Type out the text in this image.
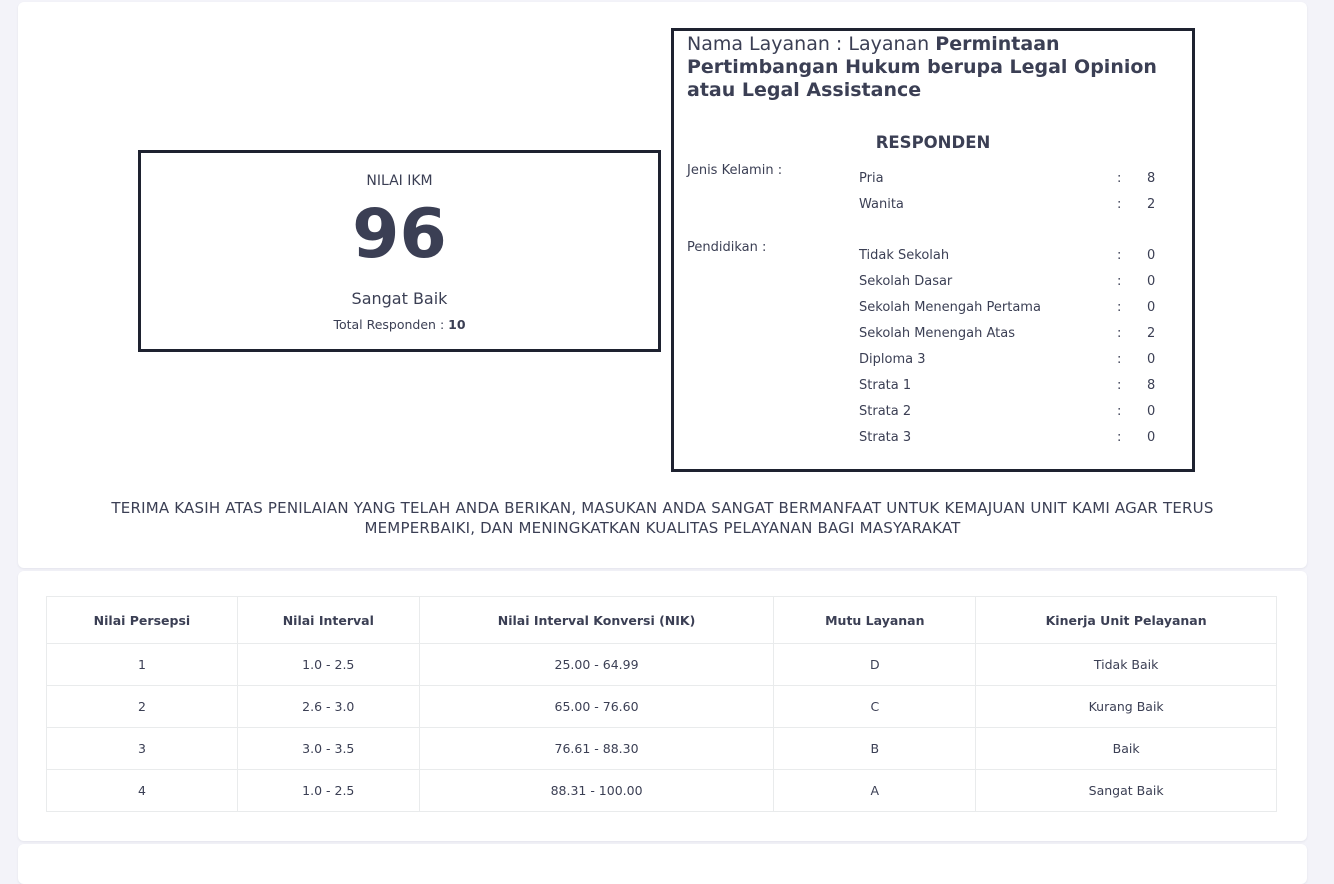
NILAI IKM
96
Sangat Baik
Total Responden : 10
Nama Layanan : Layanan Permintaan Pertimbangan Hukum berupa Legal Opinion atau Legal Assistance
RESPONDEN
Jenis Kelamin :
Pria	: 8
Wanita	: 2
Pendidikan :
Tidak Sekolah	: 0
Sekolah Dasar	: 0
Sekolah Menengah Pertama	: 0
Sekolah Menengah Atas	: 2
Diploma 3	: 0
Strata 1	: 8
Strata 2	: 0
Strata 3	: 0
TERIMA KASIH ATAS PENILAIAN YANG TELAH ANDA BERIKAN, MASUKAN ANDA SANGAT BERMANFAAT UNTUK KEMAJUAN UNIT KAMI AGAR TERUS
MEMPERBAIKI, DAN MENINGKATKAN KUALITAS PELAYANAN BAGI MASYARAKAT
Nilai Persepsi	Nilai Interval	Nilai Interval Konversi (NIK)	Mutu Layanan	Kinerja Unit Pelayanan
1	1.0 - 2.5	25.00 - 64.99	D	Tidak Baik
2	2.6 - 3.0	65.00 - 76.60	C	Kurang Baik
3	3.0 - 3.5	76.61 - 88.30	B	Baik
4	1.0 - 2.5	88.31 - 100.00	A	Sangat Baik
